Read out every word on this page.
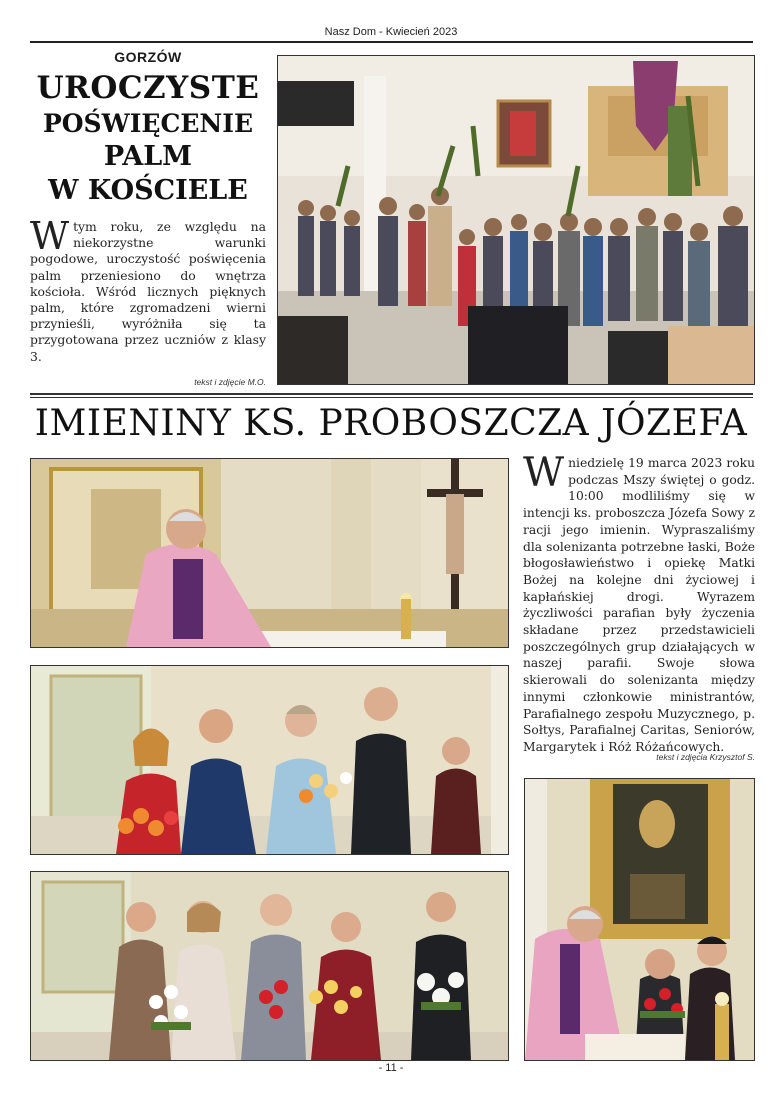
Nasz Dom - Kwiecień 2023
GORZÓW
UROCZYSTE
POŚWIĘCENIE
PALM
W KOŚCIELE
Wtym roku, ze względu na niekorzystne warunki pogodowe, uroczystość poświęcenia palm przeniesiono do wnętrza kościoła. Wśród licznych pięknych palm, które zgromadzeni wierni przynieśli, wyróżniła się ta przygotowana przez uczniów z klasy 3.
tekst i zdjęcie M.O.
IMIENINY KS. PROBOSZCZA JÓZEFA
Wniedzielę 19 marca 2023 roku podczas Mszy świętej o godz. 10:00 modliliśmy się w intencji ks. proboszcza Józefa Sowy z racji jego imienin. Wypraszaliśmy dla solenizanta potrzebne łaski, Boże błogosławieństwo i opiekę Matki Bożej na kolejne dni życiowej i kapłańskiej drogi. Wyrazem życzliwości parafian były życzenia składane przez przedstawicieli poszczególnych grup działających w naszej parafii. Swoje słowa skierowali do solenizanta między innymi członkowie ministrantów, Parafialnego zespołu Muzycznego, p. Sołtys, Parafialnej Caritas, Seniorów, Margarytek i Róż Różańcowych.
tekst i zdjęcia Krzysztof S.
- 11 -
